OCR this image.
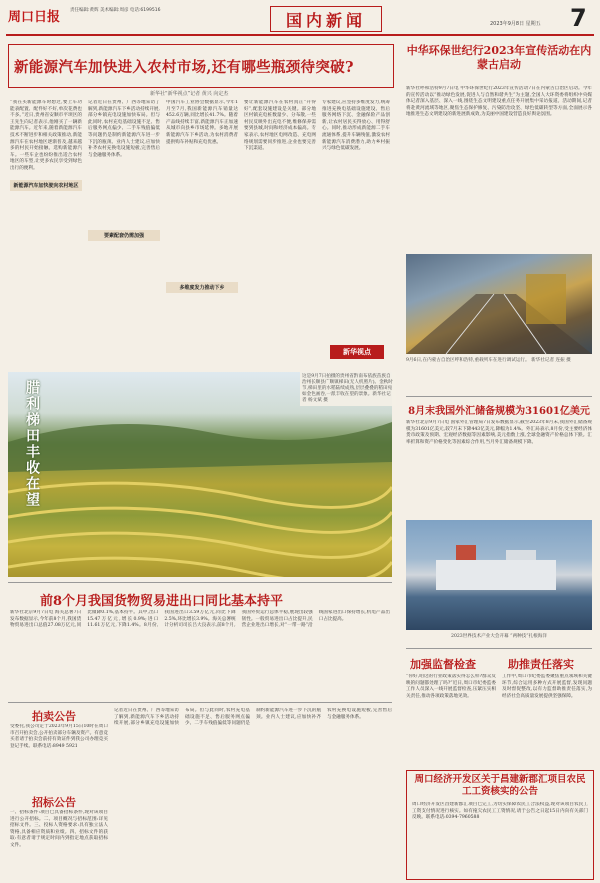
周口日报	责任编辑:黄辉 美术编辑:周彦 电话:6199516	国内新闻	2023年9月8日 星期五 7
新能源汽车加快进入农村市场,还有哪些瓶颈待突破?
新华社“新华视点”记者 黄兴 向定杰
“我在买新能源车时想过,要上车功能表配置、配件好不好,单次花费也不多。”近日,贵州省安顺市平坝区的王先生向记者表示,他刚买了一辆新能源汽车。近年来,随着新能源汽车技术不断进步和相关政策推动,新能源汽车在农村地区逐渐普及,越来越多的村民开始接触、选购新能源汽车。一些车企也纷纷推出适合农村地区的车型,让更多农民享受到绿色出行的便利。
新能源汽车加快驶向农村地区
记者近日在贵州、广西等地采访了解到,新能源汽车下乡活动持续开展,部分乡镇充电设施加快布局。但与此同时,农村充电基础设施不足、售后服务网点偏少、二手车残值偏低等问题仍是制约新能源汽车进一步下沉的瓶颈。业内人士建议,应加快补齐农村充换电设施短板,完善售后与金融服务体系。
要素配套仍需加强
中国汽车工业协会数据显示,今年1月至7月,我国新能源汽车销量达452.6万辆,同比增长41.7%。随着产品线持续丰富,新能源汽车正加速从城市向县乡市场延伸。多地开展新能源汽车下乡活动,为农村消费者提供购车补贴和充电优惠。
要让新能源汽车在农村真正“开得好”,配套设施建设是关键。部分地区村镇充电桩数量少、分布散,一些村民反映外出充电不便,维修保养需要到县城,时间和经济成本偏高。专家表示,农村地区电网改造、充电网络规划需要同步推进,企业也要完善下沉渠道。
多维度发力推动下乡
专家建议,应坚持多维度发力,统筹推进充换电基础设施建设、售后服务网络下沉、金融保险产品创新,让农村居民买得放心、用得舒心。同时,推动形成新能源二手车流通体系,提升车辆残值,激发农村新能源汽车消费潜力,助力乡村振兴与绿色低碳发展。
新华视点
中华环保世纪行2023年宣传活动在内蒙古启动
新华社呼和浩特9月7日电 中华环保世纪行2023年宣传活动7日在内蒙古自治区启动。今年的宣传活动以“推动绿色发展,促进人与自然和谐共生”为主题,全国人大环资委将组织中央媒体记者深入基层、深入一线,围绕生态文明建设重点任务开展集中采访报道。活动期间,记者将赴黄河流域等地区,聚焦生态保护修复、污染防治攻坚、绿色低碳转型等方面,全面展示各地推进生态文明建设的新进展新成效,为美丽中国建设营造良好舆论氛围。
9月6日,在内蒙古自治区呼和浩特,重载列车在进行调试运行。 新华社记者 连振 摄
腊利梯田丰收在望
这是9月7日拍摄的贵州省黔南布依族苗族自治州长顺县广顺镇梯田(无人机照片)。金秋时节,梯田里的水稻陆续成熟,层层叠叠的稻田宛如金色画卷,一派丰收在望的景象。新华社记者 杨文斌 摄
8月末我国外汇储备规模为31601亿美元
新华社北京9月7日电 国家外汇管理局7日发布数据显示,截至2023年8月末,我国外汇储备规模为31601亿美元,较7月末下降443亿美元,降幅为1.4%。外汇局表示,8月份,受主要经济体货币政策及预期、宏观经济数据等因素影响,美元指数上涨,全球金融资产价格总体下跌。汇率折算和资产价格变化等因素综合作用,当月外汇储备规模下降。
2023世界技术产业大会开幕 “两种技”扎根海洋
前8个月我国货物贸易进出口同比基本持平
新华社北京9月7日电 海关总署7日发布数据显示,今年前8个月,我国货物贸易进出口总值27.08万亿元,同比微降0.1%,基本持平。其中,出口15.47万亿元,增长0.9%;进口11.61万亿元,下降1.4%。8月份,我国进出口3.59万亿元,同比下降2.5%,环比增长3.9%。海关总署统计分析司司长吕大良表示,前8个月,我国外贸运行总体平稳,展现出较强韧性。一般贸易进出口占比提升,民营企业进出口增长,对“一带一路”沿线国家进出口保持增长,机电产品出口占比提高。
拍卖公告
受委托,我公司定于2023年9月15日10时在周口市召开拍卖会,公开拍卖部分车辆及资产。有意竞买者请于拍卖会前持有效证件到我公司办理竞买登记手续。联系电话:8949 5921
招标公告
一、招标条件:项目已具备招标条件,现对该项目进行公开招标。二、项目概况与招标范围:详见招标文件。三、投标人资格要求:具有独立法人资格,具备相应资质和业绩。四、招标文件的获取:有意者请于规定时间内到指定地点获取招标文件。
记者近日在贵州、广西等地采访了解到,新能源汽车下乡活动持续开展,部分乡镇充电设施加快布局。但与此同时,农村充电基础设施不足、售后服务网点偏少、二手车残值偏低等问题仍是制约新能源汽车进一步下沉的瓶颈。业内人士建议,应加快补齐农村充换电设施短板,完善售后与金融服务体系。
加强监督检查	助推责任落实
“你好,咱这的行业政策落实得怎么样?群众反映的问题都处理了吗?”近日,周口市纪委监委工作人员深入一线开展监督检查,压紧压实相关责任,推动各项政策落地见效。
工作中,周口市纪委监委聚焦重点领域和关键环节,综合运用多种方式开展监督,发现问题及时督促整改,以有力监督助推责任落实,为经济社会高质量发展提供坚强保障。
周口经济开发区关于昌建新郡汇项目农民工工资核实的公告
周口经济开发区昌建新郡汇项目已完工,为切实保障农民工合法权益,现对该项目农民工工资支付情况进行核实。如有拖欠农民工工资情况,请于公告之日起15日内向有关部门反映。联系电话:0394-7960588
